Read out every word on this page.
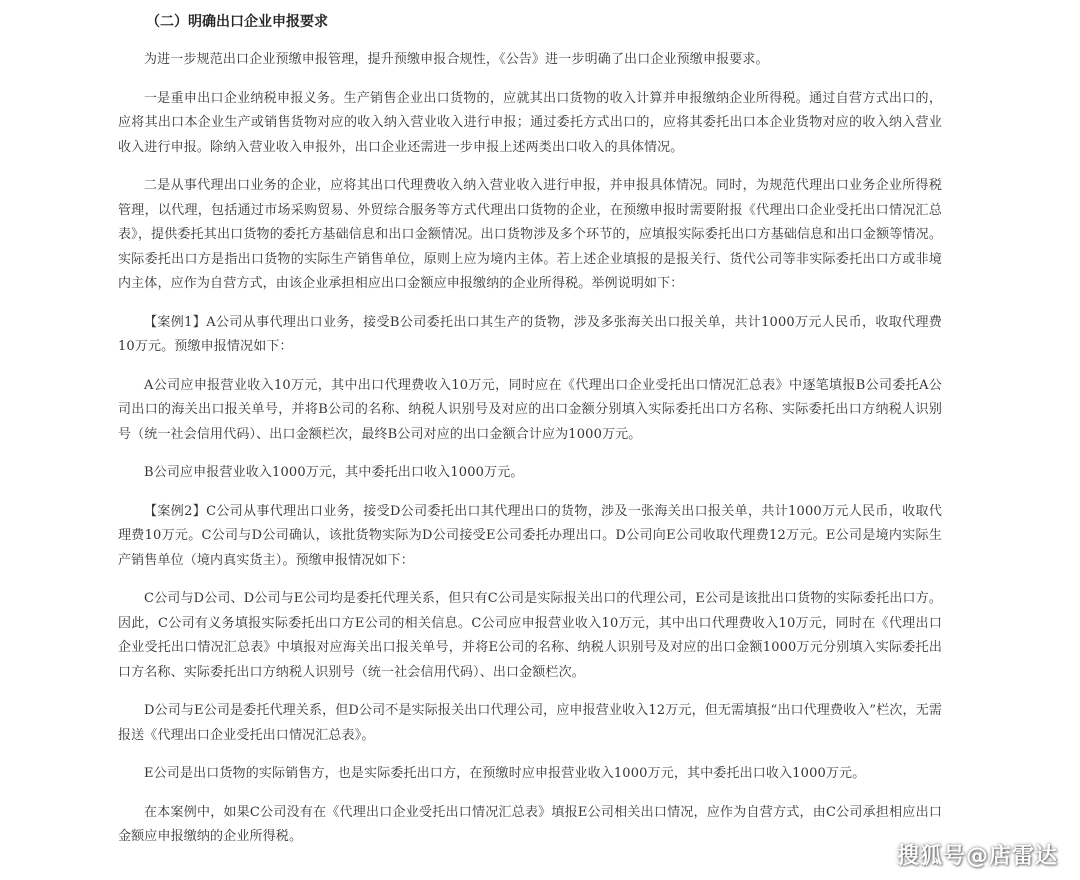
（二）明确出口企业申报要求

为进一步规范出口企业预缴申报管理，提升预缴申报合规性，《公告》进一步明确了出口企业预缴申报要求。

一是重申出口企业纳税申报义务。生产销售企业出口货物的，应就其出口货物的收入计算并申报缴纳企业所得税。通过自营方式出口的，应将其出口本企业生产或销售货物对应的收入纳入营业收入进行申报；通过委托方式出口的，应将其委托出口本企业货物对应的收入纳入营业收入进行申报。除纳入营业收入申报外，出口企业还需进一步申报上述两类出口收入的具体情况。

二是从事代理出口业务的企业，应将其出口代理费收入纳入营业收入进行申报，并申报具体情况。同时，为规范代理出口业务企业所得税管理，以代理，包括通过市场采购贸易、外贸综合服务等方式代理出口货物的企业，在预缴申报时需要附报《代理出口企业受托出口情况汇总表》，提供委托其出口货物的委托方基础信息和出口金额情况。出口货物涉及多个环节的，应填报实际委托出口方基础信息和出口金额等情况。实际委托出口方是指出口货物的实际生产销售单位，原则上应为境内主体。若上述企业填报的是报关行、货代公司等非实际委托出口方或非境内主体，应作为自营方式，由该企业承担相应出口金额应申报缴纳的企业所得税。举例说明如下：

【案例1】A公司从事代理出口业务，接受B公司委托出口其生产的货物，涉及多张海关出口报关单，共计1000万元人民币，收取代理费10万元。预缴申报情况如下：

A公司应申报营业收入10万元，其中出口代理费收入10万元，同时应在《代理出口企业受托出口情况汇总表》中逐笔填报B公司委托A公司出口的海关出口报关单号，并将B公司的名称、纳税人识别号及对应的出口金额分别填入实际委托出口方名称、实际委托出口方纳税人识别号（统一社会信用代码）、出口金额栏次，最终B公司对应的出口金额合计应为1000万元。

B公司应申报营业收入1000万元，其中委托出口收入1000万元。

【案例2】C公司从事代理出口业务，接受D公司委托出口其代理出口的货物，涉及一张海关出口报关单，共计1000万元人民币，收取代理费10万元。C公司与D公司确认，该批货物实际为D公司接受E公司委托办理出口。D公司向E公司收取代理费12万元。E公司是境内实际生产销售单位（境内真实货主）。预缴申报情况如下：

C公司与D公司、D公司与E公司均是委托代理关系，但只有C公司是实际报关出口的代理公司，E公司是该批出口货物的实际委托出口方。因此，C公司有义务填报实际委托出口方E公司的相关信息。C公司应申报营业收入10万元，其中出口代理费收入10万元，同时在《代理出口企业受托出口情况汇总表》中填报对应海关出口报关单号，并将E公司的名称、纳税人识别号及对应的出口金额1000万元分别填入实际委托出口方名称、实际委托出口方纳税人识别号（统一社会信用代码）、出口金额栏次。

D公司与E公司是委托代理关系，但D公司不是实际报关出口代理公司，应申报营业收入12万元，但无需填报“出口代理费收入”栏次，无需报送《代理出口企业受托出口情况汇总表》。

E公司是出口货物的实际销售方，也是实际委托出口方，在预缴时应申报营业收入1000万元，其中委托出口收入1000万元。

在本案例中，如果C公司没有在《代理出口企业受托出口情况汇总表》填报E公司相关出口情况，应作为自营方式，由C公司承担相应出口金额应申报缴纳的企业所得税。

搜狐号@店雷达
